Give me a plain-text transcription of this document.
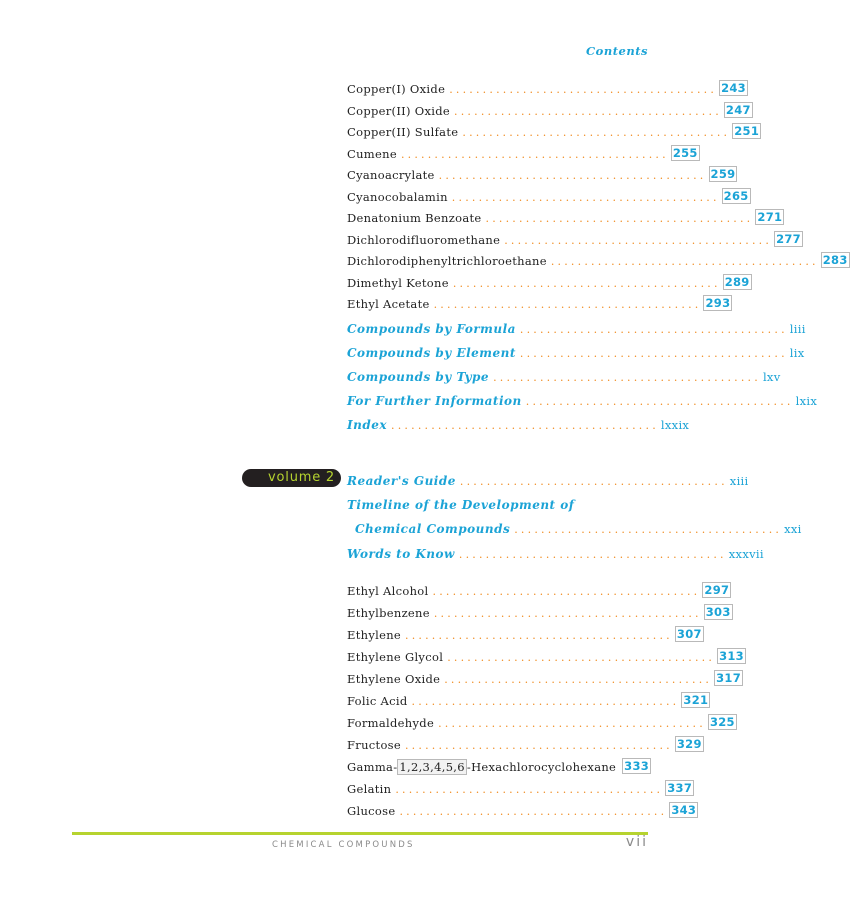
Contents
Copper(I) Oxide ........................................ 243
Copper(II) Oxide ........................................ 247
Copper(II) Sulfate ........................................ 251
Cumene ........................................ 255
Cyanoacrylate ........................................ 259
Cyanocobalamin ........................................ 265
Denatonium Benzoate ........................................ 271
Dichlorodifluoromethane ........................................ 277
Dichlorodiphenyltrichloroethane ........................................ 283
Dimethyl Ketone ........................................ 289
Ethyl Acetate ........................................ 293
Compounds by Formula ........................................ liii
Compounds by Element ........................................ lix
Compounds by Type ........................................ lxv
For Further Information ........................................ lxix
Index ........................................ lxxix
Reader's Guide ........................................ xiii
Timeline of the Development of
Chemical Compounds ........................................ xxi
Words to Know ........................................ xxxvii
Ethyl Alcohol ........................................ 297
Ethylbenzene ........................................ 303
Ethylene ........................................ 307
Ethylene Glycol ........................................ 313
Ethylene Oxide ........................................ 317
Folic Acid ........................................ 321
Formaldehyde ........................................ 325
Fructose ........................................ 329
Gamma- 1,2,3,4,5,6 -Hexachlorocyclohexane 333
Gelatin ........................................ 337
Glucose ........................................ 343
volume 2
CHEMICAL COMPOUNDS	vii
